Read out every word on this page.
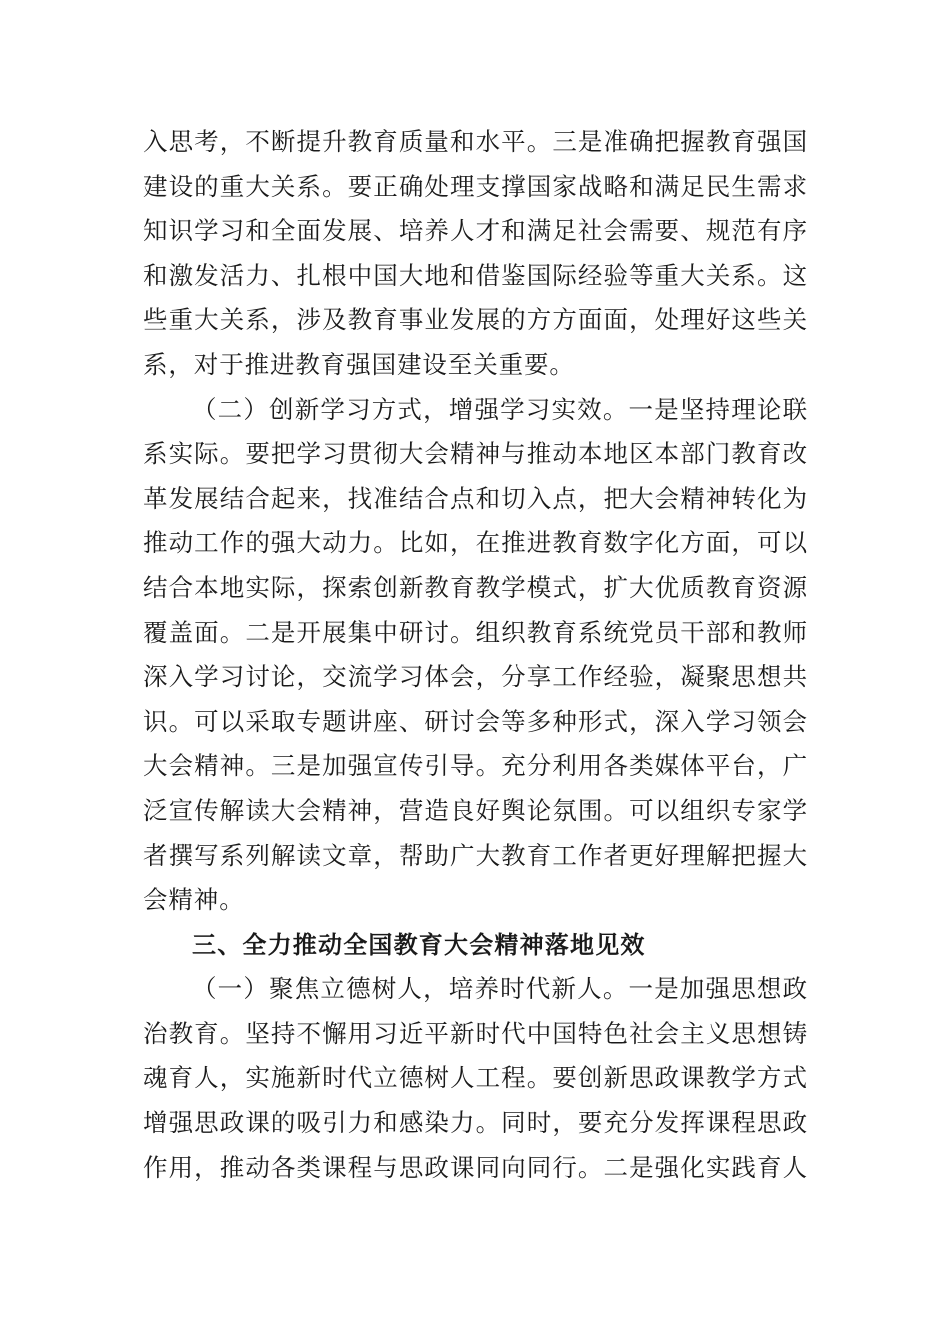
入思考，不断提升教育质量和水平。三是准确把握教育强国
建设的重大关系。要正确处理支撑国家战略和满足民生需求
知识学习和全面发展、培养人才和满足社会需要、规范有序
和激发活力、扎根中国大地和借鉴国际经验等重大关系。这
些重大关系，涉及教育事业发展的方方面面，处理好这些关
系，对于推进教育强国建设至关重要。
（二）创新学习方式，增强学习实效。一是坚持理论联
系实际。要把学习贯彻大会精神与推动本地区本部门教育改
革发展结合起来，找准结合点和切入点，把大会精神转化为
推动工作的强大动力。比如，在推进教育数字化方面，可以
结合本地实际，探索创新教育教学模式，扩大优质教育资源
覆盖面。二是开展集中研讨。组织教育系统党员干部和教师
深入学习讨论，交流学习体会，分享工作经验，凝聚思想共
识。可以采取专题讲座、研讨会等多种形式，深入学习领会
大会精神。三是加强宣传引导。充分利用各类媒体平台，广
泛宣传解读大会精神，营造良好舆论氛围。可以组织专家学
者撰写系列解读文章，帮助广大教育工作者更好理解把握大
会精神。
三、全力推动全国教育大会精神落地见效
（一）聚焦立德树人，培养时代新人。一是加强思想政
治教育。坚持不懈用习近平新时代中国特色社会主义思想铸
魂育人，实施新时代立德树人工程。要创新思政课教学方式
增强思政课的吸引力和感染力。同时，要充分发挥课程思政
作用，推动各类课程与思政课同向同行。二是强化实践育人
